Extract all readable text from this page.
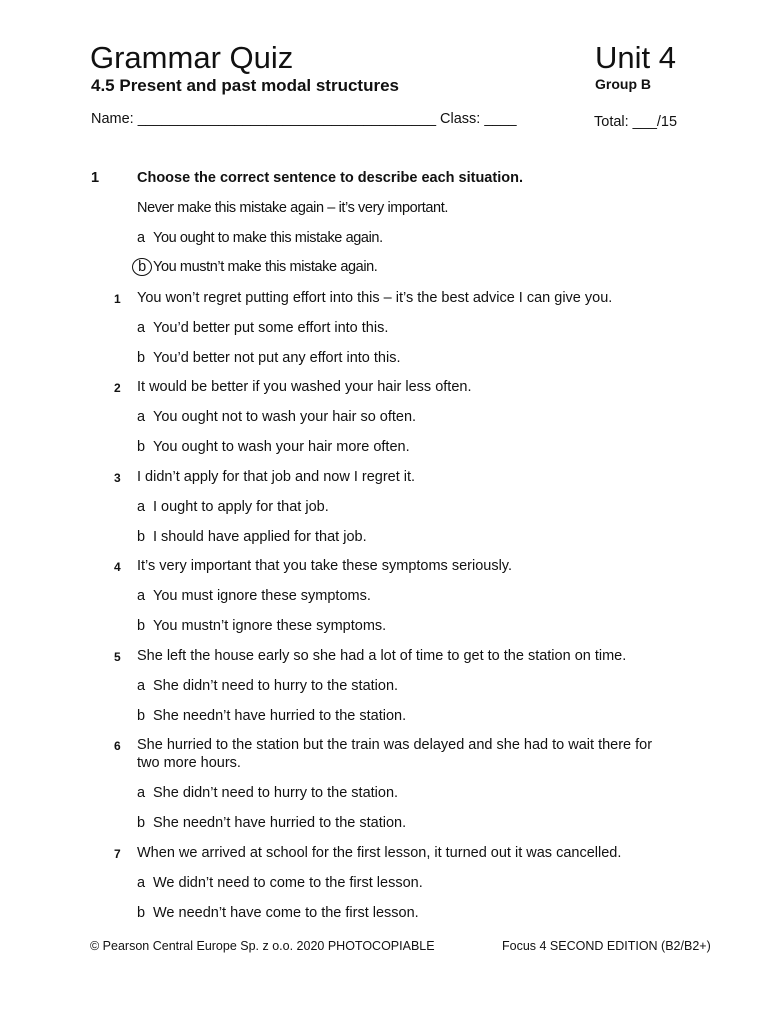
Grammar Quiz	Unit 4
4.5 Present and past modal structures	Group B
Name: _____________________________________ Class: ____	Total: ___/15
1	Choose the correct sentence to describe each situation.
Never make this mistake again – it’s very important.
a You ought to make this mistake again.
b You mustn’t make this mistake again.
1 You won’t regret putting effort into this – it’s the best advice I can give you.
a You’d better put some effort into this.
b You’d better not put any effort into this.
2 It would be better if you washed your hair less often.
a You ought not to wash your hair so often.
b You ought to wash your hair more often.
3 I didn’t apply for that job and now I regret it.
a I ought to apply for that job.
b I should have applied for that job.
4 It’s very important that you take these symptoms seriously.
a You must ignore these symptoms.
b You mustn’t ignore these symptoms.
5 She left the house early so she had a lot of time to get to the station on time.
a She didn’t need to hurry to the station.
b She needn’t have hurried to the station.
6 She hurried to the station but the train was delayed and she had to wait there for two more hours.
a She didn’t need to hurry to the station.
b She needn’t have hurried to the station.
7 When we arrived at school for the first lesson, it turned out it was cancelled.
a We didn’t need to come to the first lesson.
b We needn’t have come to the first lesson.
© Pearson Central Europe Sp. z o.o. 2020 PHOTOCOPIABLE	Focus 4 SECOND EDITION (B2/B2+)
